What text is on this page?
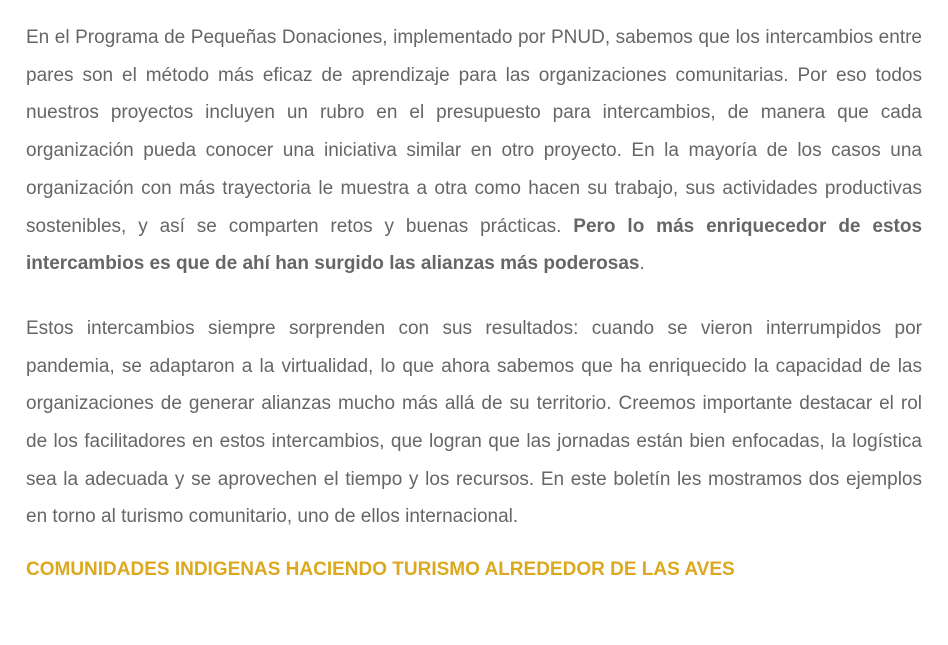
En el Programa de Pequeñas Donaciones, implementado por PNUD, sabemos que los intercambios entre pares son el método más eficaz de aprendizaje para las organizaciones comunitarias. Por eso todos nuestros proyectos incluyen un rubro en el presupuesto para intercambios, de manera que cada organización pueda conocer una iniciativa similar en otro proyecto. En la mayoría de los casos una organización con más trayectoria le muestra a otra como hacen su trabajo, sus actividades productivas sostenibles, y así se comparten retos y buenas prácticas. Pero lo más enriquecedor de estos intercambios es que de ahí han surgido las alianzas más poderosas.

Estos intercambios siempre sorprenden con sus resultados: cuando se vieron interrumpidos por pandemia, se adaptaron a la virtualidad, lo que ahora sabemos que ha enriquecido la capacidad de las organizaciones de generar alianzas mucho más allá de su territorio. Creemos importante destacar el rol de los facilitadores en estos intercambios, que logran que las jornadas están bien enfocadas, la logística sea la adecuada y se aprovechen el tiempo y los recursos. En este boletín les mostramos dos ejemplos en torno al turismo comunitario, uno de ellos internacional.

COMUNIDADES INDIGENAS HACIENDO TURISMO ALREDEDOR DE LAS AVES
